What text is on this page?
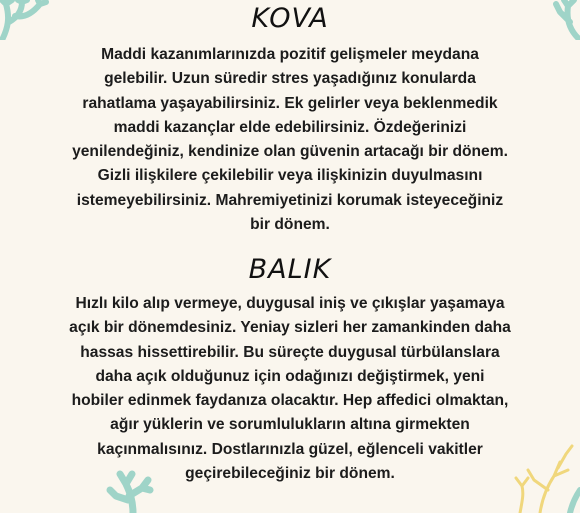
KOVA
Maddi kazanımlarınızda pozitif gelişmeler meydana
gelebilir. Uzun süredir stres yaşadığınız konularda
rahatlama yaşayabilirsiniz. Ek gelirler veya beklenmedik
maddi kazançlar elde edebilirsiniz. Özdeğerinizi
yenilendeğiniz, kendinize olan güvenin artacağı bir dönem.
Gizli ilişkilere çekilebilir veya ilişkinizin duyulmasını
istemeyebilirsiniz. Mahremiyetinizi korumak isteyeceğiniz
bir dönem.
BALIK
Hızlı kilo alıp vermeye, duygusal iniş ve çıkışlar yaşamaya
açık bir dönemdesiniz. Yeniay sizleri her zamankinden daha
hassas hissettirebilir. Bu süreçte duygusal türbülanslara
daha açık olduğunuz için odağınızı değiştirmek, yeni
hobiler edinmek faydanıza olacaktır. Hep affedici olmaktan,
ağır yüklerin ve sorumlulukların altına girmekten
kaçınmalısınız. Dostlarınızla güzel, eğlenceli vakitler
geçirebileceğiniz bir dönem.
